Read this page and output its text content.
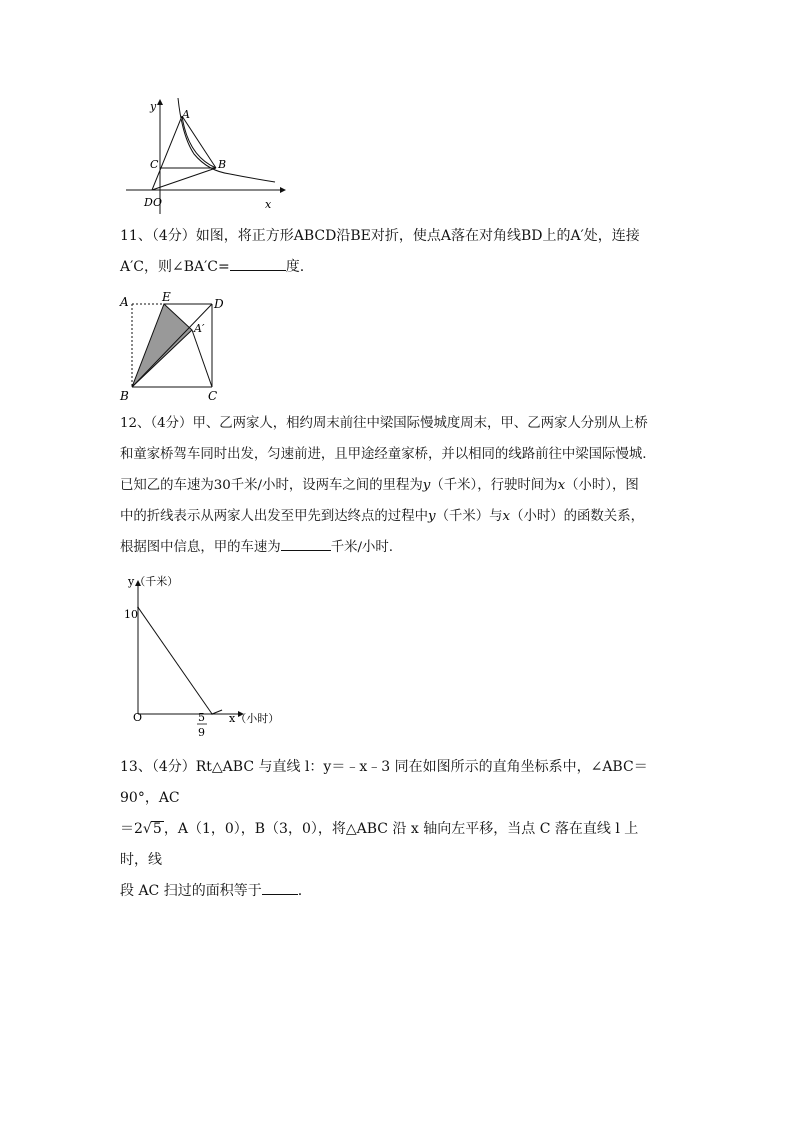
y
x
A
B
C
D O

11、（4分）如图，将正方形ABCD沿BE对折，使点A落在对角线BD上的A′处，连接

A′C，则∠BA′C=	度.

A	E	D
A′
B	C

12、（4分）甲、乙两家人，相约周末前往中梁国际慢城度周末，甲、乙两家人分别从上桥

和童家桥驾车同时出发，匀速前进，且甲途经童家桥，并以相同的线路前往中梁国际慢城.

已知乙的车速为30千米/小时，设两车之间的里程为y（千米），行驶时间为x（小时），图

中的折线表示从两家人出发至甲先到达终点的过程中y（千米）与x（小时）的函数关系，

根据图中信息，甲的车速为	千米/小时.

y（千米）
x（小时）
O
10
5
9

13、（4分）Rt△ABC 与直线 l：y＝﹣x﹣3 同在如图所示的直角坐标系中，∠ABC＝90°，AC

＝2 √ 5 ，A（1，0），B（3，0），将△ABC 沿 x 轴向左平移，当点 C 落在直线 l 上时，线

段 AC 扫过的面积等于	.
